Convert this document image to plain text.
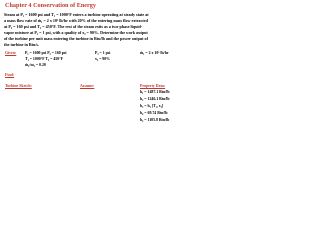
Chapter 4 Conservation of Energy
Steam at P₁ = 1600 psi and T₁ = 1000°F enters a turbine operating at steady state at
a mass flow rate of ṁ₁ = 2 x 10⁵ lb/hr with 20% of the entering mass flow extracted
at P₂ = 160 psi and T₂ = 450°F. The rest of the steam exits as a two-phase liquid-
vapor mixture at P₃ = 1 psi, with a quality of x₃ = 90%. Determine the work output
of the turbine per unit mass entering the turbine in Btu/lb and the power output of
the turbine in Btu/s.
Given: P₁ = 1600 psi P₂ = 160 psi
T₁ = 1000°F T₂ = 450°F
ṁ₁/m₁ = 0.20
P₃ = 1 psi
x₃ = 90%
ṁ₁ = 2 x 10⁵ lb/hr
Find:
Turbine Sketch:	Assume:	Property Data:
h₁ = 1487.1 Btu/lb
h₂ = 1246.1 Btu/lb
h₃ = h₁ [T₁, x₁]
h₄ = 69.74 Btu/lb
h₃ = 1105.8 Btu/lb
